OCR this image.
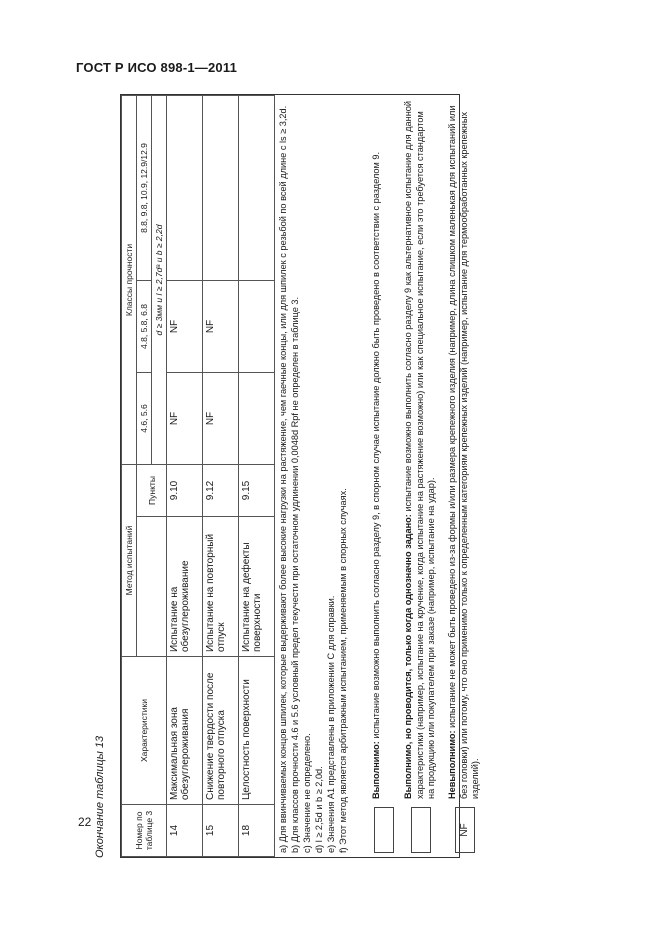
ГОСТ Р ИСО 898-1—2011
22 Окончание таблицы 13	Номер по таблице 3	Характеристики	Метод испытаний		Классы прочности		
			Пункты	4.6, 5.6	4.8, 5.8, 6.8	8.8, 9.8, 10.9, 12.9/12.9
				d ≥ 3мм и l ≥ 2,7dᵃ и b ≥ 2,2d		
14	Максимальная зона обезуглероживания	Испытание на обезуглероживание	9.10	NF	NF	
15	Снижение твердости после повторного отпуска	Испытание на повторный отпуск	9.12	NF	NF	
18	Целостность поверхности	Испытание на дефекты поверхности	9.15				a) Для ввинчиваемых концов шпилек, которые выдерживают более высокие нагрузки на растяжение, чем гаечные концы, или для шпилек с резьбой по всей длине c ls ≥ 3,2d. b) Для классов прочности 4.6 и 5.6 условный предел текучести при остаточном удлинении 0,0048d Rpf не определен в таблице 3. c) Значение не определено. d) l ≥ 2,5d и b ≥ 2,0d. e) Значения A1 представлены в приложении С для справки. f) Этот метод является арбитражным испытанием, применяемым в спорных случаях.	Выполнимо: испытание возможно выполнить согласно разделу 9, в спорном случае испытание должно быть проведено в соответствии с разделом 9. Выполнимо, но проводится, только когда однозначно задано: испытание возможно выполнить согласно разделу 9 как альтернативное испытание для данной характеристики (например, испытание на кручение, когда испытание на растяжение возможно) или как специальное испытание, если это требуется стандартом на продукцию или покупателем при заказе (например, испытание на удар).
NF
Невыполнимо: испытание не может быть проведено из-за формы и/или размера крепежного изделия (например, длина слишком маленькая для испытаний или без головки) или потому, что оно применимо только к определенным категориям крепежных изделий (например, испытание для термообработанных крепежных изделий).
